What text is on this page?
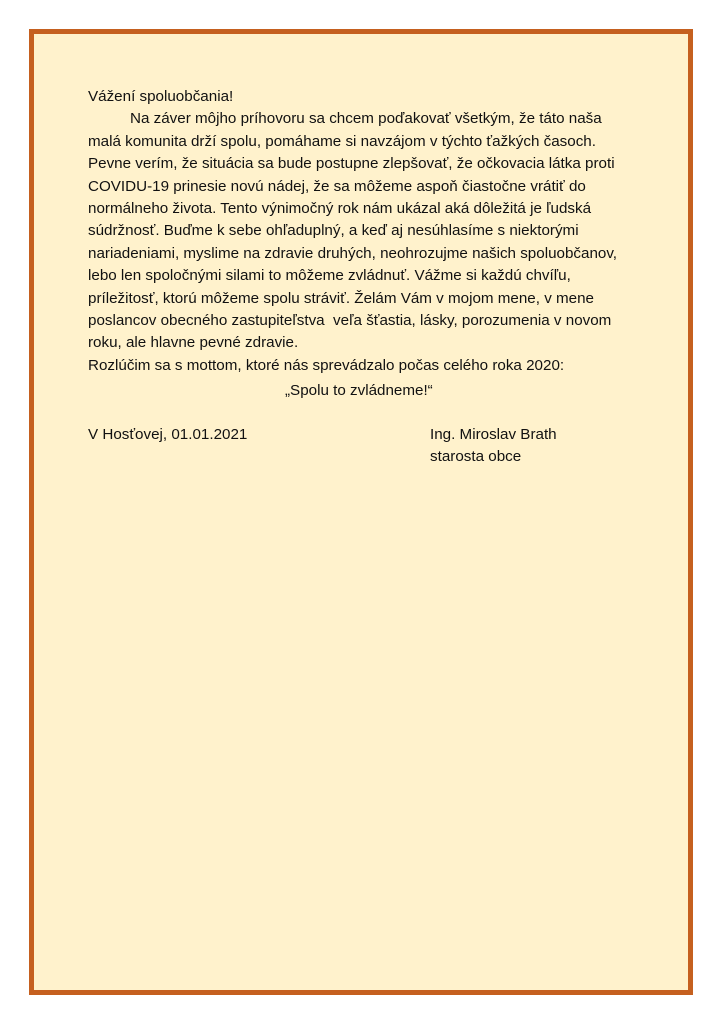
Vážení spoluobčania!
Na záver môjho príhovoru sa chcem poďakovať všetkým, že táto naša
malá komunita drží spolu, pomáhame si navzájom v týchto ťažkých časoch.
Pevne verím, že situácia sa bude postupne zlepšovať, že očkovacia látka proti
COVIDU-19 prinesie novú nádej, že sa môžeme aspoň čiastočne vrátiť do
normálneho života. Tento výnimočný rok nám ukázal aká dôležitá je ľudská
súdržnosť. Buďme k sebe ohľaduplný, a keď aj nesúhlasíme s niektorými
nariadeniami, myslime na zdravie druhých, neohrozujme našich spoluobčanov,
lebo len spoločnými silami to môžeme zvládnuť. Vážme si každú chvíľu,
príležitosť, ktorú môžeme spolu stráviť. Želám Vám v mojom mene, v mene
poslancov obecného zastupiteľstva  veľa šťastia, lásky, porozumenia v novom
roku, ale hlavne pevné zdravie.
Rozlúčim sa s mottom, ktoré nás sprevádzalo počas celého roka 2020:
„Spolu to zvládneme!“
V Hosťovej, 01.01.2021	Ing. Miroslav Brath
starosta obce
